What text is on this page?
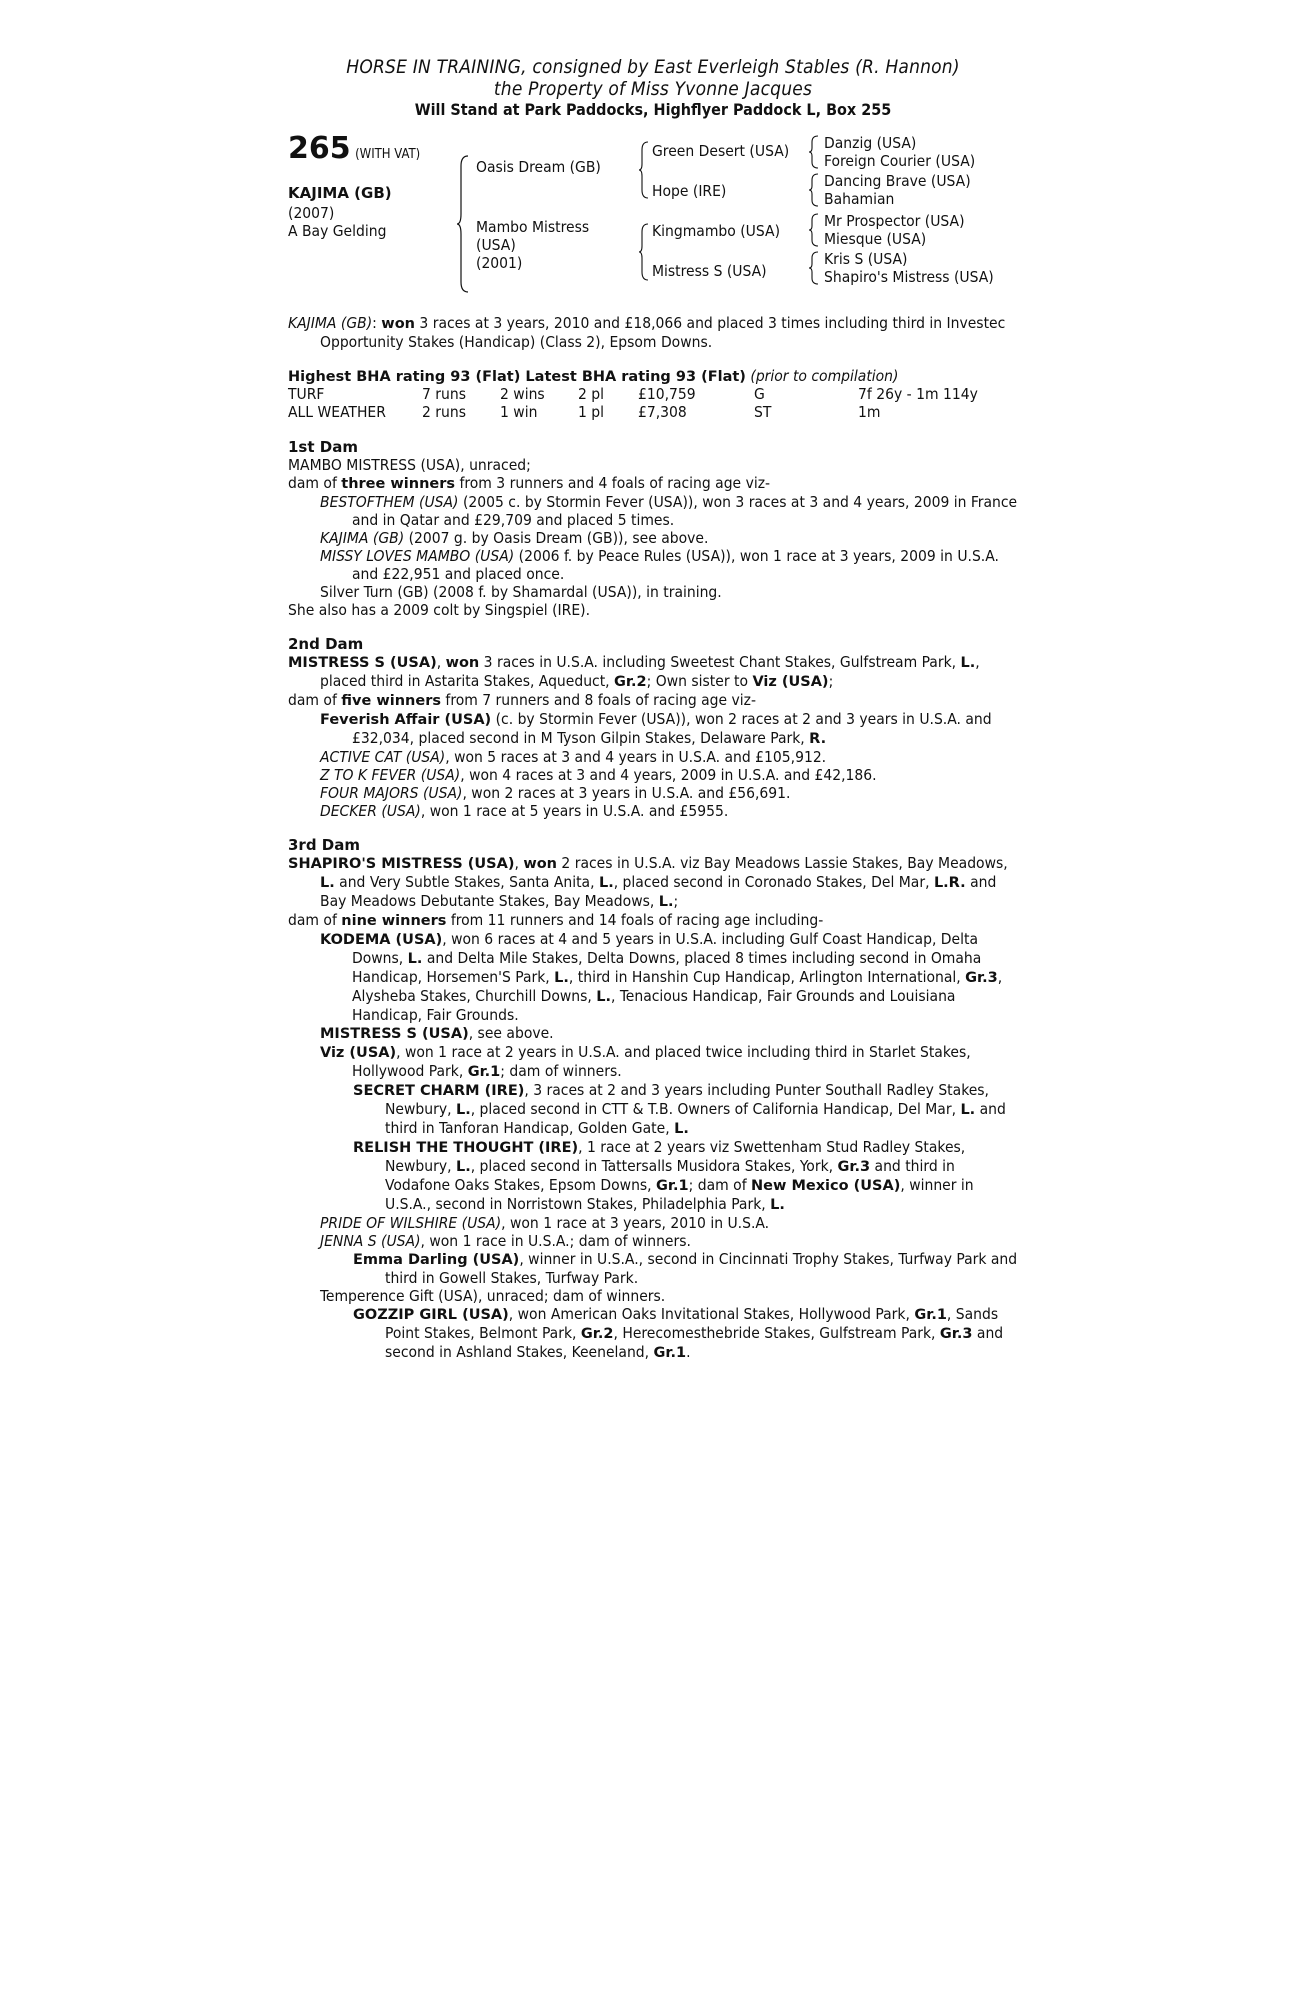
HORSE IN TRAINING, consigned by East Everleigh Stables (R. Hannon)
the Property of Miss Yvonne Jacques
Will Stand at Park Paddocks, Highflyer Paddock L, Box 255
265 (WITH VAT)
KAJIMA (GB)
(2007)
A Bay Gelding
Oasis Dream (GB)
Mambo Mistress
(USA)
(2001)
Green Desert (USA)
Hope (IRE)
Kingmambo (USA)
Mistress S (USA)
Danzig (USA)
Foreign Courier (USA)
Dancing Brave (USA)
Bahamian
Mr Prospector (USA)
Miesque (USA)
Kris S (USA)
Shapiro's Mistress (USA)

KAJIMA (GB): won 3 races at 3 years, 2010 and £18,066 and placed 3 times including third in Investec Opportunity Stakes (Handicap) (Class 2), Epsom Downs.

Highest BHA rating 93 (Flat) Latest BHA rating 93 (Flat) (prior to compilation)
TURF	7 runs 2 wins 2 pl £10,759	G	7f 26y - 1m 114y
ALL WEATHER 2 runs 1 win	1 pl £7,308	ST	1m
1st Dam

MAMBO MISTRESS (USA), unraced;

dam of three winners from 3 runners and 4 foals of racing age viz-

BESTOFTHEM (USA) (2005 c. by Stormin Fever (USA)), won 3 races at 3 and 4 years, 2009 in France and in Qatar and £29,709 and placed 5 times.

KAJIMA (GB) (2007 g. by Oasis Dream (GB)), see above.

MISSY LOVES MAMBO (USA) (2006 f. by Peace Rules (USA)), won 1 race at 3 years, 2009 in U.S.A. and £22,951 and placed once.

Silver Turn (GB) (2008 f. by Shamardal (USA)), in training.

She also has a 2009 colt by Singspiel (IRE).

2nd Dam

MISTRESS S (USA), won 3 races in U.S.A. including Sweetest Chant Stakes, Gulfstream Park, L., placed third in Astarita Stakes, Aqueduct, Gr.2; Own sister to Viz (USA);

dam of five winners from 7 runners and 8 foals of racing age viz-

Feverish Affair (USA) (c. by Stormin Fever (USA)), won 2 races at 2 and 3 years in U.S.A. and £32,034, placed second in M Tyson Gilpin Stakes, Delaware Park, R.

ACTIVE CAT (USA), won 5 races at 3 and 4 years in U.S.A. and £105,912.

Z TO K FEVER (USA), won 4 races at 3 and 4 years, 2009 in U.S.A. and £42,186.

FOUR MAJORS (USA), won 2 races at 3 years in U.S.A. and £56,691.

DECKER (USA), won 1 race at 5 years in U.S.A. and £5955.

3rd Dam

SHAPIRO'S MISTRESS (USA), won 2 races in U.S.A. viz Bay Meadows Lassie Stakes, Bay Meadows, L. and Very Subtle Stakes, Santa Anita, L., placed second in Coronado Stakes, Del Mar, L.R. and Bay Meadows Debutante Stakes, Bay Meadows, L.;

dam of nine winners from 11 runners and 14 foals of racing age including-

KODEMA (USA), won 6 races at 4 and 5 years in U.S.A. including Gulf Coast Handicap, Delta Downs, L. and Delta Mile Stakes, Delta Downs, placed 8 times including second in Omaha Handicap, Horsemen'S Park, L., third in Hanshin Cup Handicap, Arlington International, Gr.3, Alysheba Stakes, Churchill Downs, L., Tenacious Handicap, Fair Grounds and Louisiana Handicap, Fair Grounds.

MISTRESS S (USA), see above.

Viz (USA), won 1 race at 2 years in U.S.A. and placed twice including third in Starlet Stakes, Hollywood Park, Gr.1; dam of winners.

SECRET CHARM (IRE), 3 races at 2 and 3 years including Punter Southall Radley Stakes, Newbury, L., placed second in CTT & T.B. Owners of California Handicap, Del Mar, L. and third in Tanforan Handicap, Golden Gate, L.

RELISH THE THOUGHT (IRE), 1 race at 2 years viz Swettenham Stud Radley Stakes, Newbury, L., placed second in Tattersalls Musidora Stakes, York, Gr.3 and third in Vodafone Oaks Stakes, Epsom Downs, Gr.1; dam of New Mexico (USA), winner in U.S.A., second in Norristown Stakes, Philadelphia Park, L.

PRIDE OF WILSHIRE (USA), won 1 race at 3 years, 2010 in U.S.A.

JENNA S (USA), won 1 race in U.S.A.; dam of winners.

Emma Darling (USA), winner in U.S.A., second in Cincinnati Trophy Stakes, Turfway Park and third in Gowell Stakes, Turfway Park.

Temperence Gift (USA), unraced; dam of winners.

GOZZIP GIRL (USA), won American Oaks Invitational Stakes, Hollywood Park, Gr.1, Sands Point Stakes, Belmont Park, Gr.2, Herecomesthebride Stakes, Gulfstream Park, Gr.3 and second in Ashland Stakes, Keeneland, Gr.1.
